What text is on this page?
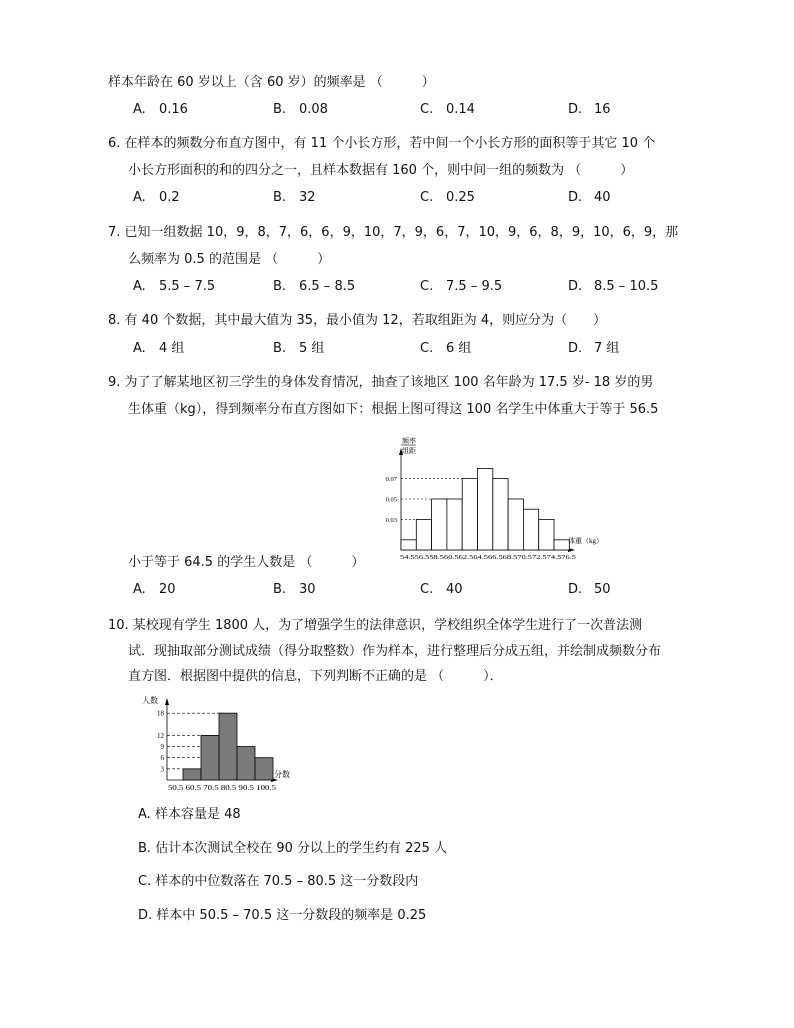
样本年龄在 60 岁以上（含 60 岁）的频率是 （　　　）
A. 0.16	B. 0.08	C. 0.14	D. 16
6. 在样本的频数分布直方图中，有 11 个小长方形，若中间一个小长方形的面积等于其它 10 个
小长方形面积的和的四分之一，且样本数据有 160 个，则中间一组的频数为 （　　　）
A. 0.2	B. 32	C. 0.25	D. 40
7. 已知一组数据 10，9，8，7，6，6，9，10，7，9，6，7，10，9，6，8，9，10，6，9，那
么频率为 0.5 的范围是 （　　　）
A. 5.5 – 7.5	B. 6.5 – 8.5	C. 7.5 – 9.5	D. 8.5 – 10.5
8. 有 40 个数据，其中最大值为 35，最小值为 12，若取组距为 4，则应分为（　　）
A. 4 组	B. 5 组	C. 6 组	D. 7 组
9. 为了了解某地区初三学生的身体发育情况，抽查了该地区 100 名年龄为 17.5 岁- 18 岁的男
生体重（kg），得到频率分布直方图如下：根据上图可得这 100 名学生中体重大于等于 56.5
频率
组距
0.03
0.05
0.07
体重（kg）
54.556.558.560.562.564.566.568.570.572.574.576.5
小于等于 64.5 的学生人数是 （　　　）
A. 20	B. 30	C. 40	D. 50
10. 某校现有学生 1800 人，为了增强学生的法律意识，学校组织全体学生进行了一次普法测
试．现抽取部分测试成绩（得分取整数）作为样本，进行整理后分成五组，并绘制成频数分布
直方图．根据图中提供的信息，下列判断不正确的是 （　　　）．
人数
18
12
9
6
3
分数
50.5 60.5 70.5 80.5 90.5 100.5
A. 样本容量是 48
B. 估计本次测试全校在 90 分以上的学生约有 225 人
C. 样本的中位数落在 70.5 – 80.5 这一分数段内
D. 样本中 50.5 – 70.5 这一分数段的频率是 0.25
